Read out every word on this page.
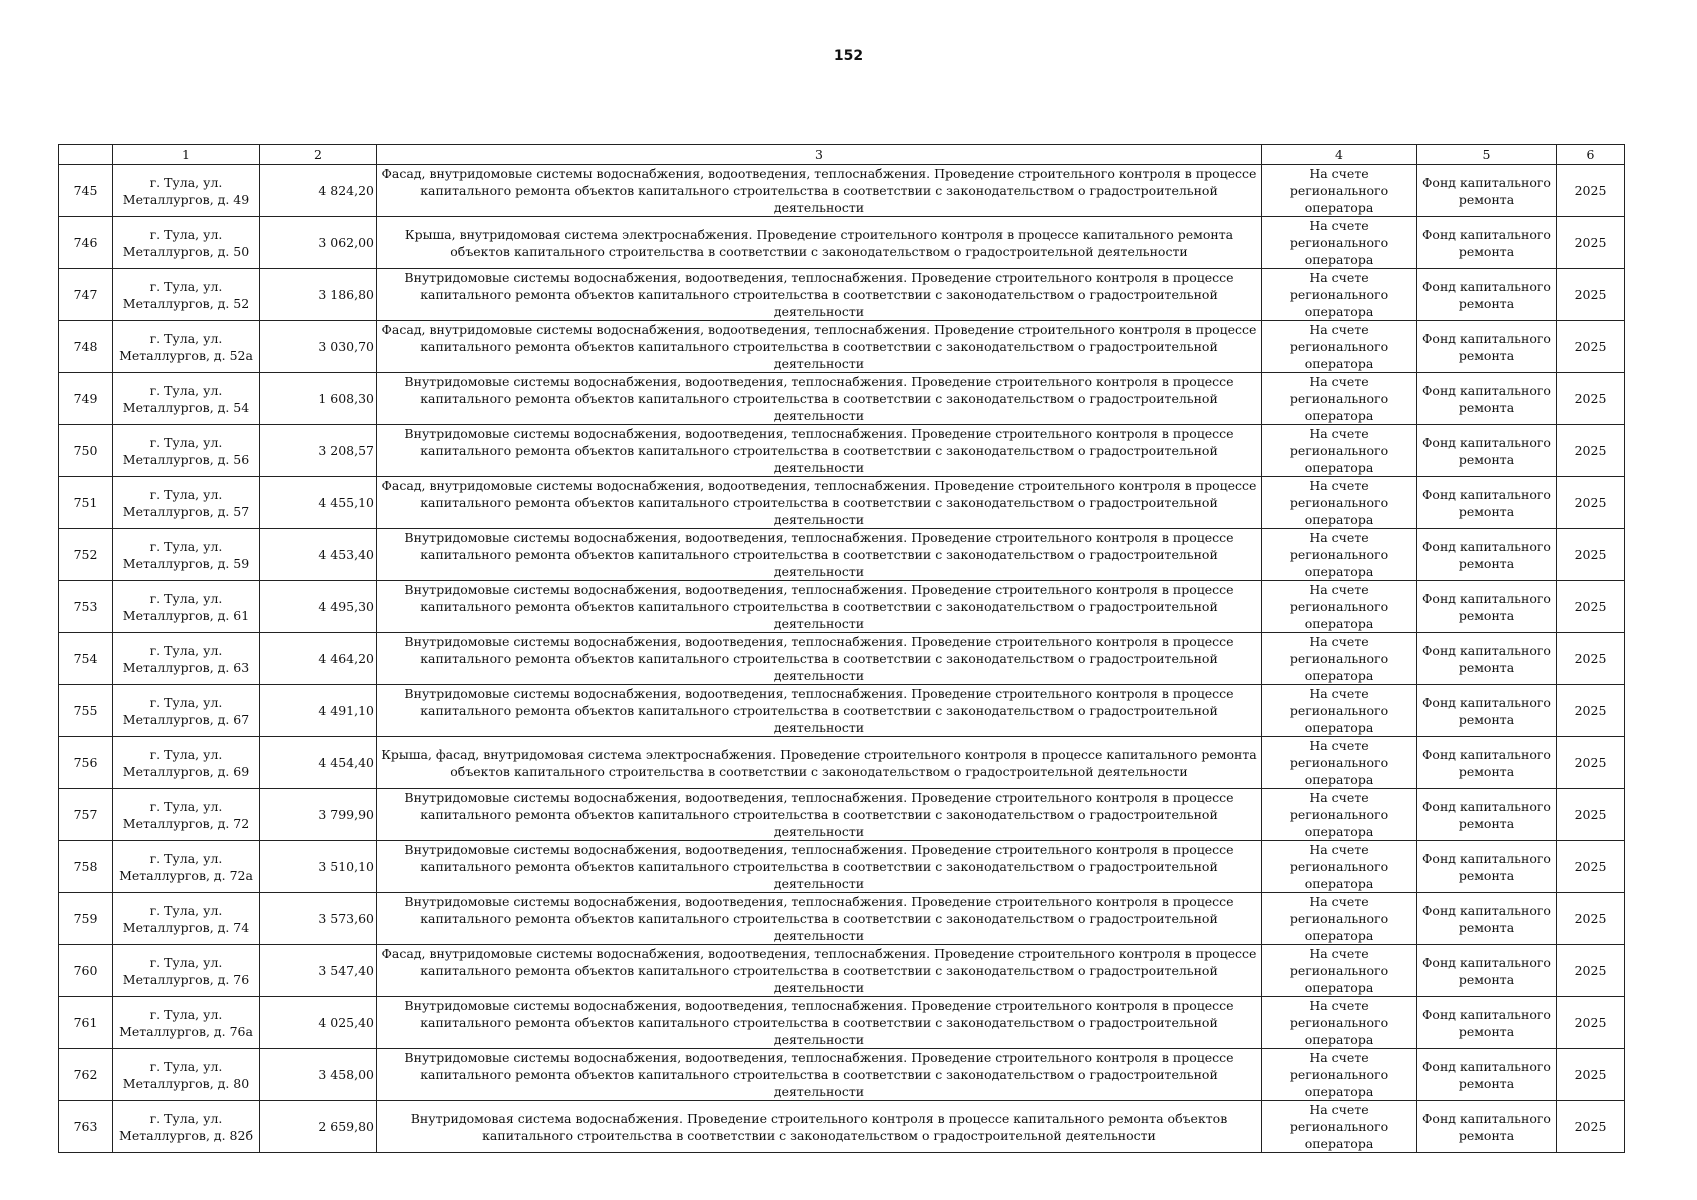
152
	1	2	3	4	5	6
745	г. Тула, ул. Металлургов, д. 49	4 824,20	Фасад, внутридомовые системы водоснабжения, водоотведения, теплоснабжения. Проведение строительного контроля в процессе капитального ремонта объектов капитального строительства в соответствии с законодательством о градостроительной деятельности	На счете регионального оператора	Фонд капитального ремонта	2025
746	г. Тула, ул. Металлургов, д. 50	3 062,00	Крыша, внутридомовая система электроснабжения. Проведение строительного контроля в процессе капитального ремонта объектов капитального строительства в соответствии с законодательством о градостроительной деятельности	На счете регионального оператора	Фонд капитального ремонта	2025
747	г. Тула, ул. Металлургов, д. 52	3 186,80	Внутридомовые системы водоснабжения, водоотведения, теплоснабжения. Проведение строительного контроля в процессе капитального ремонта объектов капитального строительства в соответствии с законодательством о градостроительной деятельности	На счете регионального оператора	Фонд капитального ремонта	2025
748	г. Тула, ул. Металлургов, д. 52а	3 030,70	Фасад, внутридомовые системы водоснабжения, водоотведения, теплоснабжения. Проведение строительного контроля в процессе капитального ремонта объектов капитального строительства в соответствии с законодательством о градостроительной деятельности	На счете регионального оператора	Фонд капитального ремонта	2025
749	г. Тула, ул. Металлургов, д. 54	1 608,30	Внутридомовые системы водоснабжения, водоотведения, теплоснабжения. Проведение строительного контроля в процессе капитального ремонта объектов капитального строительства в соответствии с законодательством о градостроительной деятельности	На счете регионального оператора	Фонд капитального ремонта	2025
750	г. Тула, ул. Металлургов, д. 56	3 208,57	Внутридомовые системы водоснабжения, водоотведения, теплоснабжения. Проведение строительного контроля в процессе капитального ремонта объектов капитального строительства в соответствии с законодательством о градостроительной деятельности	На счете регионального оператора	Фонд капитального ремонта	2025
751	г. Тула, ул. Металлургов, д. 57	4 455,10	Фасад, внутридомовые системы водоснабжения, водоотведения, теплоснабжения. Проведение строительного контроля в процессе капитального ремонта объектов капитального строительства в соответствии с законодательством о градостроительной деятельности	На счете регионального оператора	Фонд капитального ремонта	2025
752	г. Тула, ул. Металлургов, д. 59	4 453,40	Внутридомовые системы водоснабжения, водоотведения, теплоснабжения. Проведение строительного контроля в процессе капитального ремонта объектов капитального строительства в соответствии с законодательством о градостроительной деятельности	На счете регионального оператора	Фонд капитального ремонта	2025
753	г. Тула, ул. Металлургов, д. 61	4 495,30	Внутридомовые системы водоснабжения, водоотведения, теплоснабжения. Проведение строительного контроля в процессе капитального ремонта объектов капитального строительства в соответствии с законодательством о градостроительной деятельности	На счете регионального оператора	Фонд капитального ремонта	2025
754	г. Тула, ул. Металлургов, д. 63	4 464,20	Внутридомовые системы водоснабжения, водоотведения, теплоснабжения. Проведение строительного контроля в процессе капитального ремонта объектов капитального строительства в соответствии с законодательством о градостроительной деятельности	На счете регионального оператора	Фонд капитального ремонта	2025
755	г. Тула, ул. Металлургов, д. 67	4 491,10	Внутридомовые системы водоснабжения, водоотведения, теплоснабжения. Проведение строительного контроля в процессе капитального ремонта объектов капитального строительства в соответствии с законодательством о градостроительной деятельности	На счете регионального оператора	Фонд капитального ремонта	2025
756	г. Тула, ул. Металлургов, д. 69	4 454,40	Крыша, фасад, внутридомовая система электроснабжения. Проведение строительного контроля в процессе капитального ремонта объектов капитального строительства в соответствии с законодательством о градостроительной деятельности	На счете регионального оператора	Фонд капитального ремонта	2025
757	г. Тула, ул. Металлургов, д. 72	3 799,90	Внутридомовые системы водоснабжения, водоотведения, теплоснабжения. Проведение строительного контроля в процессе капитального ремонта объектов капитального строительства в соответствии с законодательством о градостроительной деятельности	На счете регионального оператора	Фонд капитального ремонта	2025
758	г. Тула, ул. Металлургов, д. 72а	3 510,10	Внутридомовые системы водоснабжения, водоотведения, теплоснабжения. Проведение строительного контроля в процессе капитального ремонта объектов капитального строительства в соответствии с законодательством о градостроительной деятельности	На счете регионального оператора	Фонд капитального ремонта	2025
759	г. Тула, ул. Металлургов, д. 74	3 573,60	Внутридомовые системы водоснабжения, водоотведения, теплоснабжения. Проведение строительного контроля в процессе капитального ремонта объектов капитального строительства в соответствии с законодательством о градостроительной деятельности	На счете регионального оператора	Фонд капитального ремонта	2025
760	г. Тула, ул. Металлургов, д. 76	3 547,40	Фасад, внутридомовые системы водоснабжения, водоотведения, теплоснабжения. Проведение строительного контроля в процессе капитального ремонта объектов капитального строительства в соответствии с законодательством о градостроительной деятельности	На счете регионального оператора	Фонд капитального ремонта	2025
761	г. Тула, ул. Металлургов, д. 76а	4 025,40	Внутридомовые системы водоснабжения, водоотведения, теплоснабжения. Проведение строительного контроля в процессе капитального ремонта объектов капитального строительства в соответствии с законодательством о градостроительной деятельности	На счете регионального оператора	Фонд капитального ремонта	2025
762	г. Тула, ул. Металлургов, д. 80	3 458,00	Внутридомовые системы водоснабжения, водоотведения, теплоснабжения. Проведение строительного контроля в процессе капитального ремонта объектов капитального строительства в соответствии с законодательством о градостроительной деятельности	На счете регионального оператора	Фонд капитального ремонта	2025
763	г. Тула, ул. Металлургов, д. 82б	2 659,80	Внутридомовая система водоснабжения. Проведение строительного контроля в процессе капитального ремонта объектов капитального строительства в соответствии с законодательством о градостроительной деятельности	На счете регионального оператора	Фонд капитального ремонта	2025
